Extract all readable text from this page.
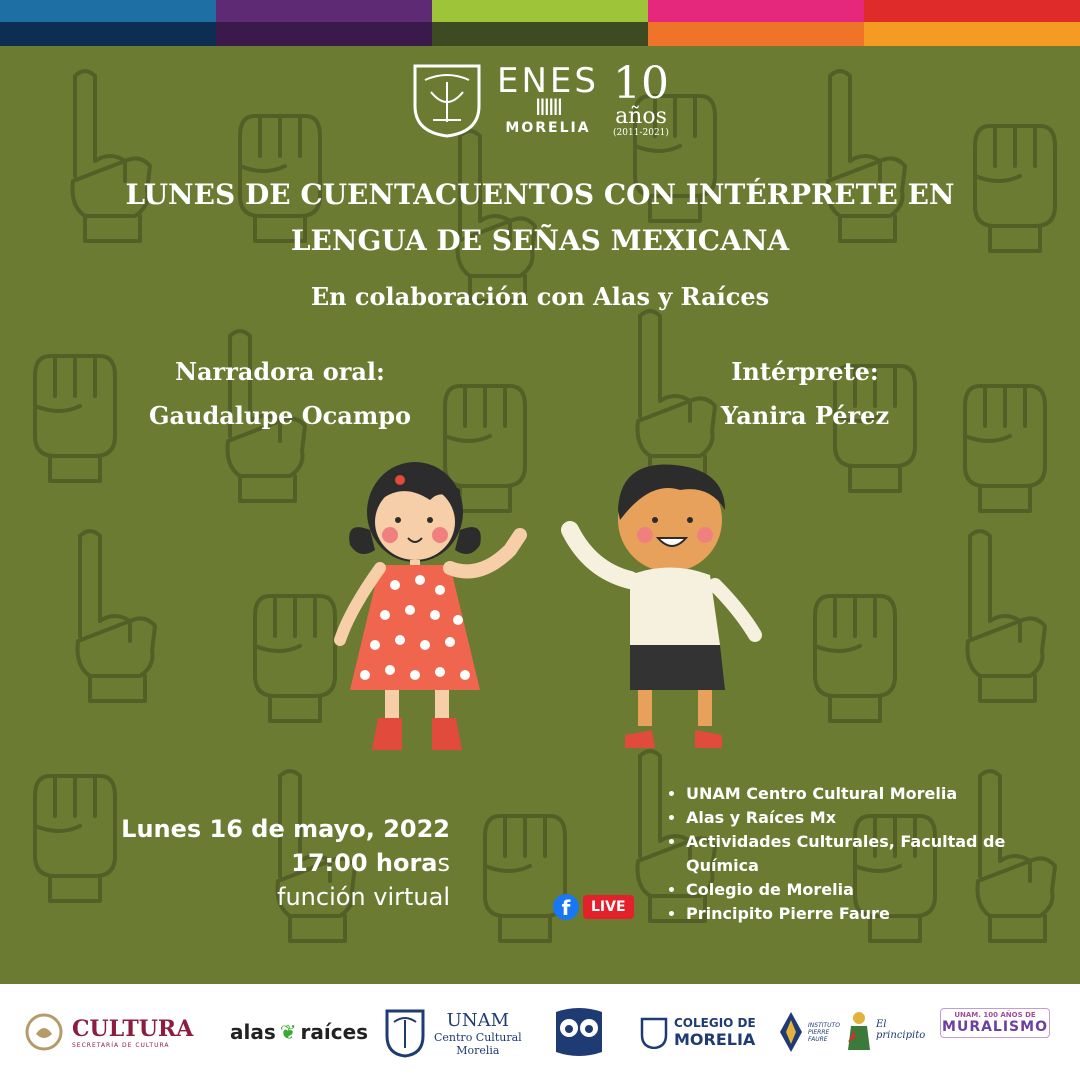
ENES
ⅢⅢ
MORELIA
10
años
(2011-2021)
LUNES DE CUENTACUENTOS CON INTÉRPRETE EN LENGUA DE SEÑAS MEXICANA
En colaboración con Alas y Raíces
Narradora oral:
Gaudalupe Ocampo
Intérprete:
Yanira Pérez
Lunes 16 de mayo, 2022
17:00 horas
función virtual	f	LIVE
• UNAM Centro Cultural Morelia
• Alas y Raíces Mx
• Actividades Culturales, Facultad de Química
• Colegio de Morelia
• Principito Pierre Faure
CULTURA
SECRETARÍA DE CULTURA
alas ❦ raíces	UNAM
Centro Cultural
Morelia
COLEGIO DE
MORELIA
INSTITUTO PIERRE FAURE
El principito
UNAM. 100 AÑOS DE
MURALISMO
